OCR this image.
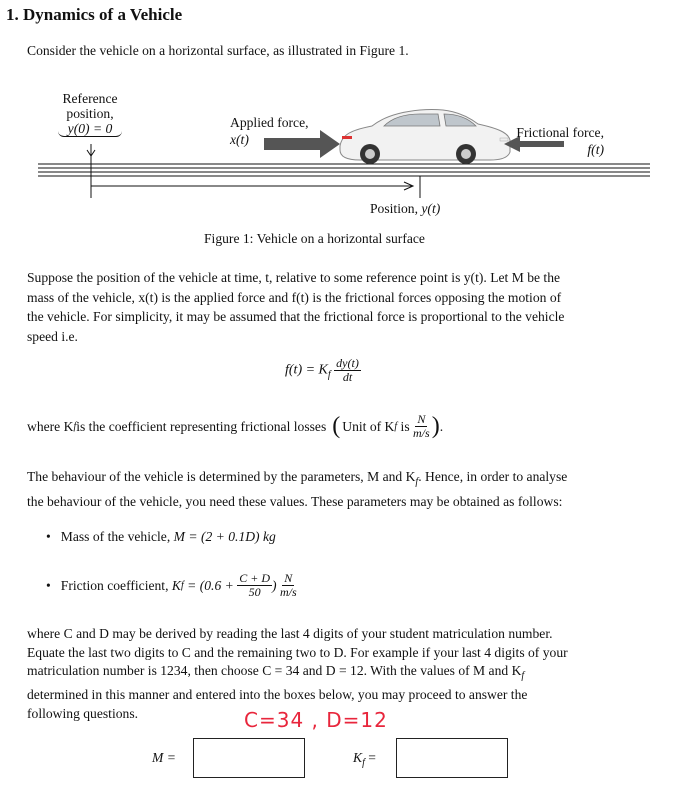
1. Dynamics of a Vehicle
Consider the vehicle on a horizontal surface, as illustrated in Figure 1.
Reference
position,
y(0) = 0	Applied force,
x(t)	Frictional force,
f(t)
Position, y(t)
Figure 1: Vehicle on a horizontal surface
Suppose the position of the vehicle at time, t, relative to some reference point is y(t). Let M be the
mass of the vehicle, x(t) is the applied force and f(t) is the frictional forces opposing the motion of
the vehicle. For simplicity, it may be assumed that the frictional force is proportional to the vehicle
speed i.e.
$f(t) = K_f \frac{dy(t)}{dt}$
where K f is the coefficient representing frictional losses ( Unit of K f is $\frac{N}{m/s}$ ) .
The behaviour of the vehicle is determined by the parameters, M and $K_f$. Hence, in order to analyse
the behaviour of the vehicle, you need these values. These parameters may be obtained as follows:
• Mass of the vehicle, M = (2 + 0.1D) kg
• Friction coefficient,
K $f = (0.6 + \frac{C + D}{50}$ )
$\frac{N}{m/s}$
where C and D may be derived by reading the last 4 digits of your student matriculation number.
Equate the last two digits to C and the remaining two to D. For example if your last 4 digits of your
matriculation number is 1234, then choose C = 34 and D = 12. With the values of M and $K_f$
determined in this manner and entered into the boxes below, you may proceed to answer the
following questions.	C=34 , D=12
M =	$K_f$ =
